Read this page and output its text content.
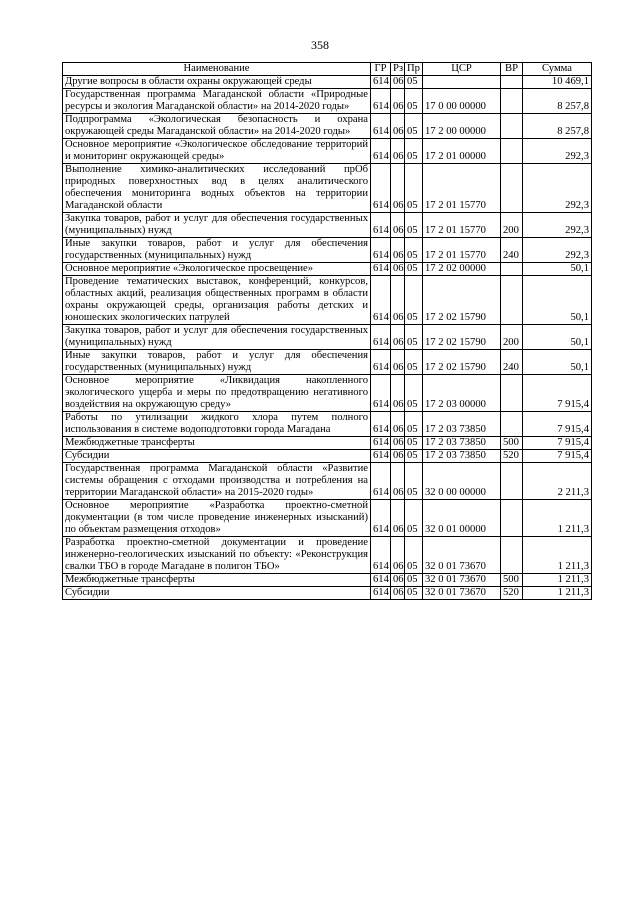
358
Наименование	ГР	Рз	Пр	ЦСР	ВР	Сумма
Другие вопросы в области охраны окружающей среды	614	06	05			10 469,1
Государственная программа Магаданской области «Природные ресурсы и экология Магаданской области» на 2014-2020 годы»	614	06	05	17 0 00 00000		8 257,8
Подпрограмма «Экологическая безопасность и охрана окружающей среды Магаданской области» на 2014-2020 годы»	614	06	05	17 2 00 00000		8 257,8
Основное мероприятие «Экологическое обследование территорий и мониторинг окружающей среды»	614	06	05	17 2 01 00000		292,3
Выполнение химико-аналитических исследований прОб природных поверхностных вод в целях аналитического обеспечения мониторинга водных объектов на территории Магаданской области	614	06	05	17 2 01 15770		292,3
Закупка товаров, работ и услуг для обеспечения государственных (муниципальных) нужд	614	06	05	17 2 01 15770	200	292,3
Иные закупки товаров, работ и услуг для обеспечения государственных (муниципальных) нужд	614	06	05	17 2 01 15770	240	292,3
Основное мероприятие «Экологическое просвещение»	614	06	05	17 2 02 00000		50,1
Проведение тематических выставок, конференций, конкурсов, областных акций, реализация общественных программ в области охраны окружающей среды, организация работы детских и юношеских экологических патрулей	614	06	05	17 2 02 15790		50,1
Закупка товаров, работ и услуг для обеспечения государственных (муниципальных) нужд	614	06	05	17 2 02 15790	200	50,1
Иные закупки товаров, работ и услуг для обеспечения государственных (муниципальных) нужд	614	06	05	17 2 02 15790	240	50,1
Основное мероприятие «Ликвидация накопленного экологического ущерба и меры по предотвращению негативного воздействия на окружающую среду»	614	06	05	17 2 03 00000		7 915,4
Работы по утилизации жидкого хлора путем полного использования в системе водоподготовки города Магадана	614	06	05	17 2 03 73850		7 915,4
Межбюджетные трансферты	614	06	05	17 2 03 73850	500	7 915,4
Субсидии	614	06	05	17 2 03 73850	520	7 915,4
Государственная программа Магаданской области «Развитие системы обращения с отходами производства и потребления на территории Магаданской области» на 2015-2020 годы»	614	06	05	32 0 00 00000		2 211,3
Основное мероприятие «Разработка проектно-сметной документации (в том числе проведение инженерных изысканий) по объектам размещения отходов»	614	06	05	32 0 01 00000		1 211,3
Разработка проектно-сметной документации и проведение инженерно-геологических изысканий по объекту: «Реконструкция свалки ТБО в городе Магадане в полигон ТБО»	614	06	05	32 0 01 73670		1 211,3
Межбюджетные трансферты	614	06	05	32 0 01 73670	500	1 211,3
Субсидии	614	06	05	32 0 01 73670	520	1 211,3
